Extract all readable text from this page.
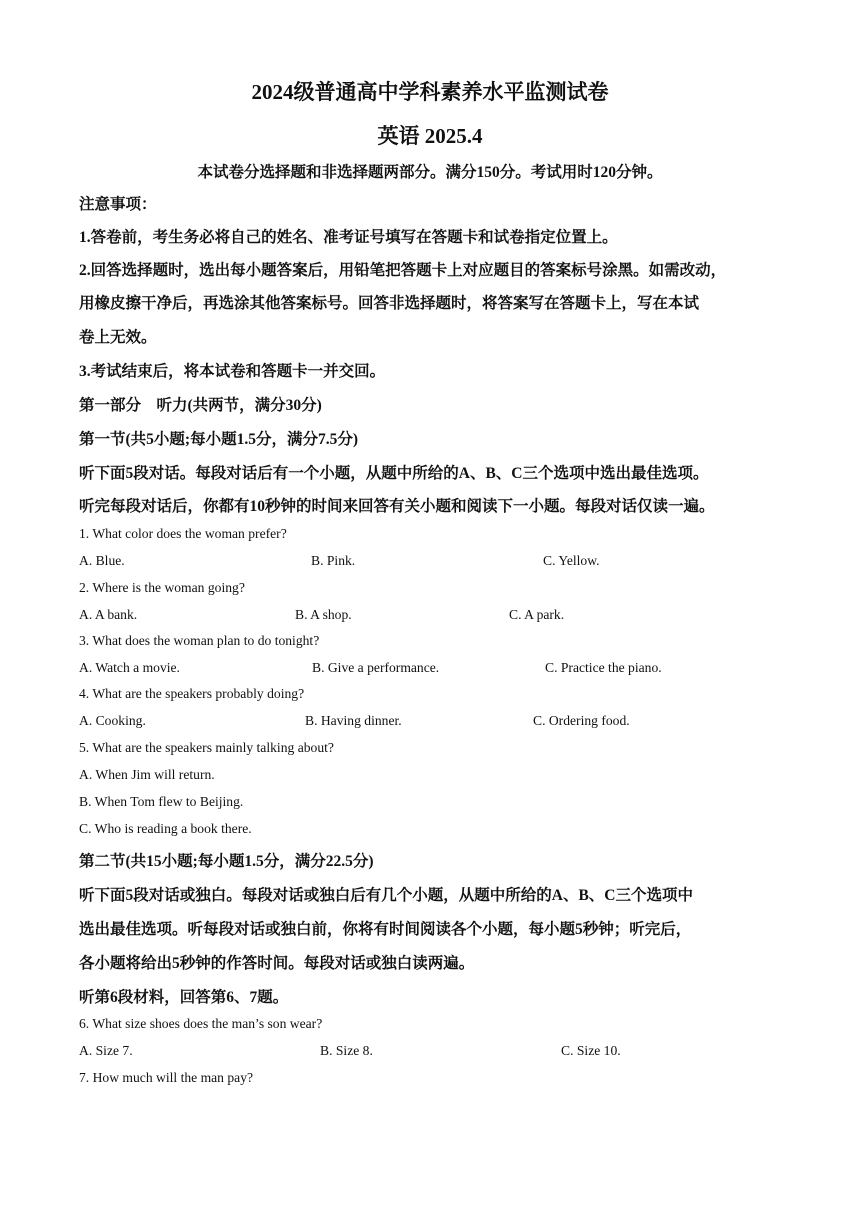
2024级普通高中学科素养水平监测试卷
英语 2025.4
本试卷分选择题和非选择题两部分。满分150分。考试用时120分钟。
注意事项：
1.答卷前，考生务必将自己的姓名、准考证号填写在答题卡和试卷指定位置上。
2.回答选择题时，选出每小题答案后，用铅笔把答题卡上对应题目的答案标号涂黑。如需改动，
用橡皮擦干净后，再选涂其他答案标号。回答非选择题时，将答案写在答题卡上，写在本试
卷上无效。
3.考试结束后，将本试卷和答题卡一并交回。
第一部分　听力(共两节，满分30分)
第一节(共5小题;每小题1.5分，满分7.5分)
听下面5段对话。每段对话后有一个小题，从题中所给的A、B、C三个选项中选出最佳选项。
听完每段对话后，你都有10秒钟的时间来回答有关小题和阅读下一小题。每段对话仅读一遍。
1. What color does the woman prefer?
A. Blue.	B. Pink.	C. Yellow.
2. Where is the woman going?
A. A bank.	B. A shop.	C. A park.
3. What does the woman plan to do tonight?
A. Watch a movie.	B. Give a performance.	C. Practice the piano.
4. What are the speakers probably doing?
A. Cooking.	B. Having dinner.	C. Ordering food.
5. What are the speakers mainly talking about?
A. When Jim will return.
B. When Tom flew to Beijing.
C. Who is reading a book there.
第二节(共15小题;每小题1.5分，满分22.5分)
听下面5段对话或独白。每段对话或独白后有几个小题，从题中所给的A、B、C三个选项中
选出最佳选项。听每段对话或独白前，你将有时间阅读各个小题，每小题5秒钟；听完后，
各小题将给出5秒钟的作答时间。每段对话或独白读两遍。
听第6段材料，回答第6、7题。
6. What size shoes does the man’s son wear?
A. Size 7.	B. Size 8.	C. Size 10.
7. How much will the man pay?
